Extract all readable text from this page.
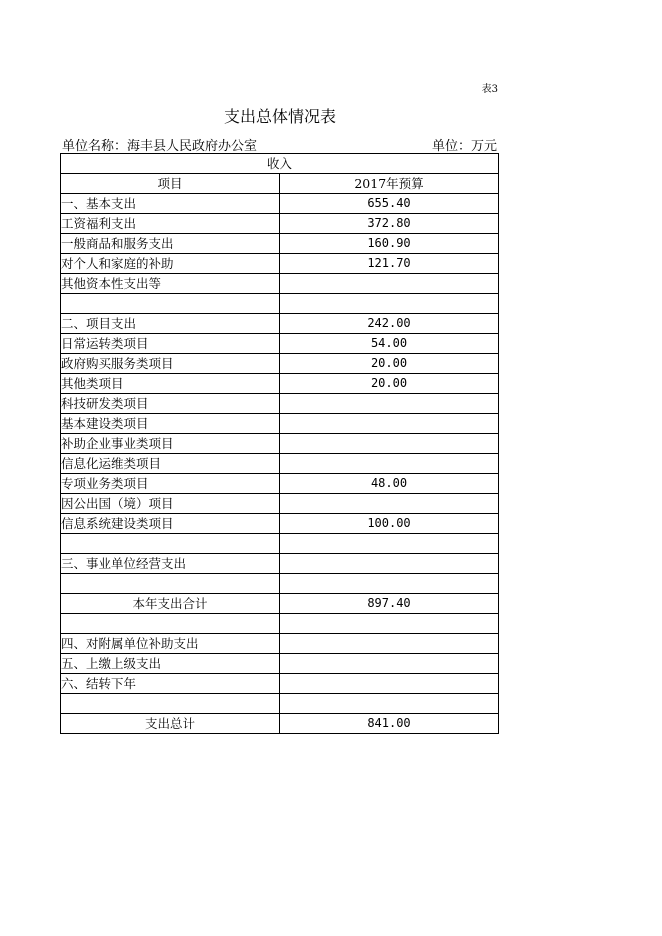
表3
支出总体情况表
单位名称：海丰县人民政府办公室	单位：万元
收入	
项目	2017年预算
一、基本支出	655.40
工资福利支出	372.80
一般商品和服务支出	160.90
对个人和家庭的补助	121.70
其他资本性支出等	

二、项目支出	242.00
日常运转类项目	54.00
政府购买服务类项目	20.00
其他类项目	20.00
科技研发类项目	
基本建设类项目	
补助企业事业类项目	
信息化运维类项目	
专项业务类项目	48.00
因公出国（境）项目	
信息系统建设类项目	100.00

三、事业单位经营支出	

本年支出合计	897.40

四、对附属单位补助支出	
五、上缴上级支出	
六、结转下年	

支出总计	841.00
